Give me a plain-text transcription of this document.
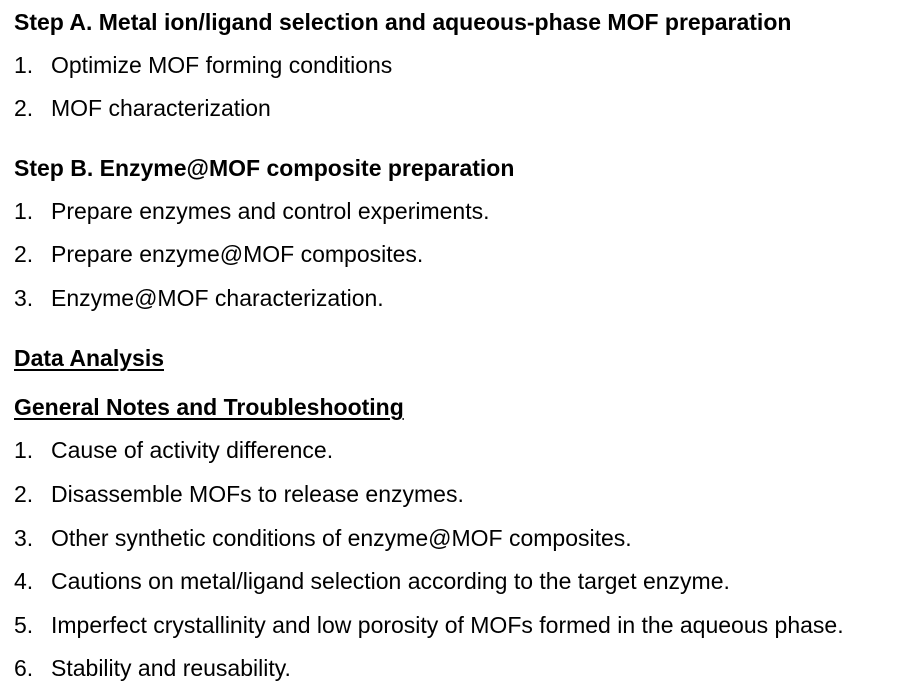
Step A. Metal ion/ligand selection and aqueous-phase MOF preparation
1. Optimize MOF forming conditions
2. MOF characterization
Step B. Enzyme@MOF composite preparation
1. Prepare enzymes and control experiments.
2. Prepare enzyme@MOF composites.
3. Enzyme@MOF characterization.
Data Analysis
General Notes and Troubleshooting
1. Cause of activity difference.
2. Disassemble MOFs to release enzymes.
3. Other synthetic conditions of enzyme@MOF composites.
4. Cautions on metal/ligand selection according to the target enzyme.
5. Imperfect crystallinity and low porosity of MOFs formed in the aqueous phase.
6. Stability and reusability.
